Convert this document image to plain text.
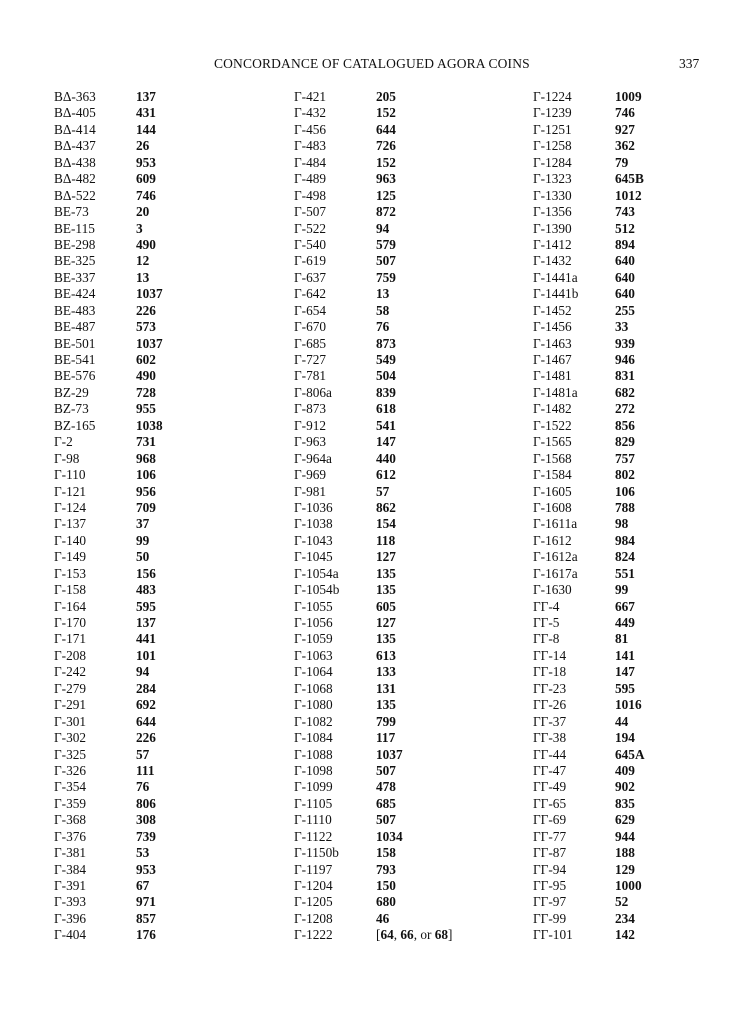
CONCORDANCE OF CATALOGUED AGORA COINS	337
ΒΔ-363	137
ΒΔ-405	431
ΒΔ-414	144
ΒΔ-437	26
ΒΔ-438	953
ΒΔ-482	609
ΒΔ-522	746
ΒΕ-73	20
ΒΕ-115	3
ΒΕ-298	490
ΒΕ-325	12
ΒΕ-337	13
ΒΕ-424	1037
ΒΕ-483	226
ΒΕ-487	573
ΒΕ-501	1037
ΒΕ-541	602
ΒΕ-576	490
ΒΖ-29	728
ΒΖ-73	955
ΒΖ-165	1038
Γ-2	731
Γ-98	968
Γ-110	106
Γ-121	956
Γ-124	709
Γ-137	37
Γ-140	99
Γ-149	50
Γ-153	156
Γ-158	483
Γ-164	595
Γ-170	137
Γ-171	441
Γ-208	101
Γ-242	94
Γ-279	284
Γ-291	692
Γ-301	644
Γ-302	226
Γ-325	57
Γ-326	111
Γ-354	76
Γ-359	806
Γ-368	308
Γ-376	739
Γ-381	53
Γ-384	953
Γ-391	67
Γ-393	971
Γ-396	857
Γ-404	176
Γ-421	205
Γ-432	152
Γ-456	644
Γ-483	726
Γ-484	152
Γ-489	963
Γ-498	125
Γ-507	872
Γ-522	94
Γ-540	579
Γ-619	507
Γ-637	759
Γ-642	13
Γ-654	58
Γ-670	76
Γ-685	873
Γ-727	549
Γ-781	504
Γ-806a	839
Γ-873	618
Γ-912	541
Γ-963	147
Γ-964a	440
Γ-969	612
Γ-981	57
Γ-1036	862
Γ-1038	154
Γ-1043	118
Γ-1045	127
Γ-1054a	135
Γ-1054b	135
Γ-1055	605
Γ-1056	127
Γ-1059	135
Γ-1063	613
Γ-1064	133
Γ-1068	131
Γ-1080	135
Γ-1082	799
Γ-1084	117
Γ-1088	1037
Γ-1098	507
Γ-1099	478
Γ-1105	685
Γ-1110	507
Γ-1122	1034
Γ-1150b	158
Γ-1197	793
Γ-1204	150
Γ-1205	680
Γ-1208	46
Γ-1222	[64, 66, or 68]
Γ-1224	1009
Γ-1239	746
Γ-1251	927
Γ-1258	362
Γ-1284	79
Γ-1323	645B
Γ-1330	1012
Γ-1356	743
Γ-1390	512
Γ-1412	894
Γ-1432	640
Γ-1441a	640
Γ-1441b	640
Γ-1452	255
Γ-1456	33
Γ-1463	939
Γ-1467	946
Γ-1481	831
Γ-1481a	682
Γ-1482	272
Γ-1522	856
Γ-1565	829
Γ-1568	757
Γ-1584	802
Γ-1605	106
Γ-1608	788
Γ-1611a	98
Γ-1612	984
Γ-1612a	824
Γ-1617a	551
Γ-1630	99
ΓΓ-4	667
ΓΓ-5	449
ΓΓ-8	81
ΓΓ-14	141
ΓΓ-18	147
ΓΓ-23	595
ΓΓ-26	1016
ΓΓ-37	44
ΓΓ-38	194
ΓΓ-44	645A
ΓΓ-47	409
ΓΓ-49	902
ΓΓ-65	835
ΓΓ-69	629
ΓΓ-77	944
ΓΓ-87	188
ΓΓ-94	129
ΓΓ-95	1000
ΓΓ-97	52
ΓΓ-99	234
ΓΓ-101	142
